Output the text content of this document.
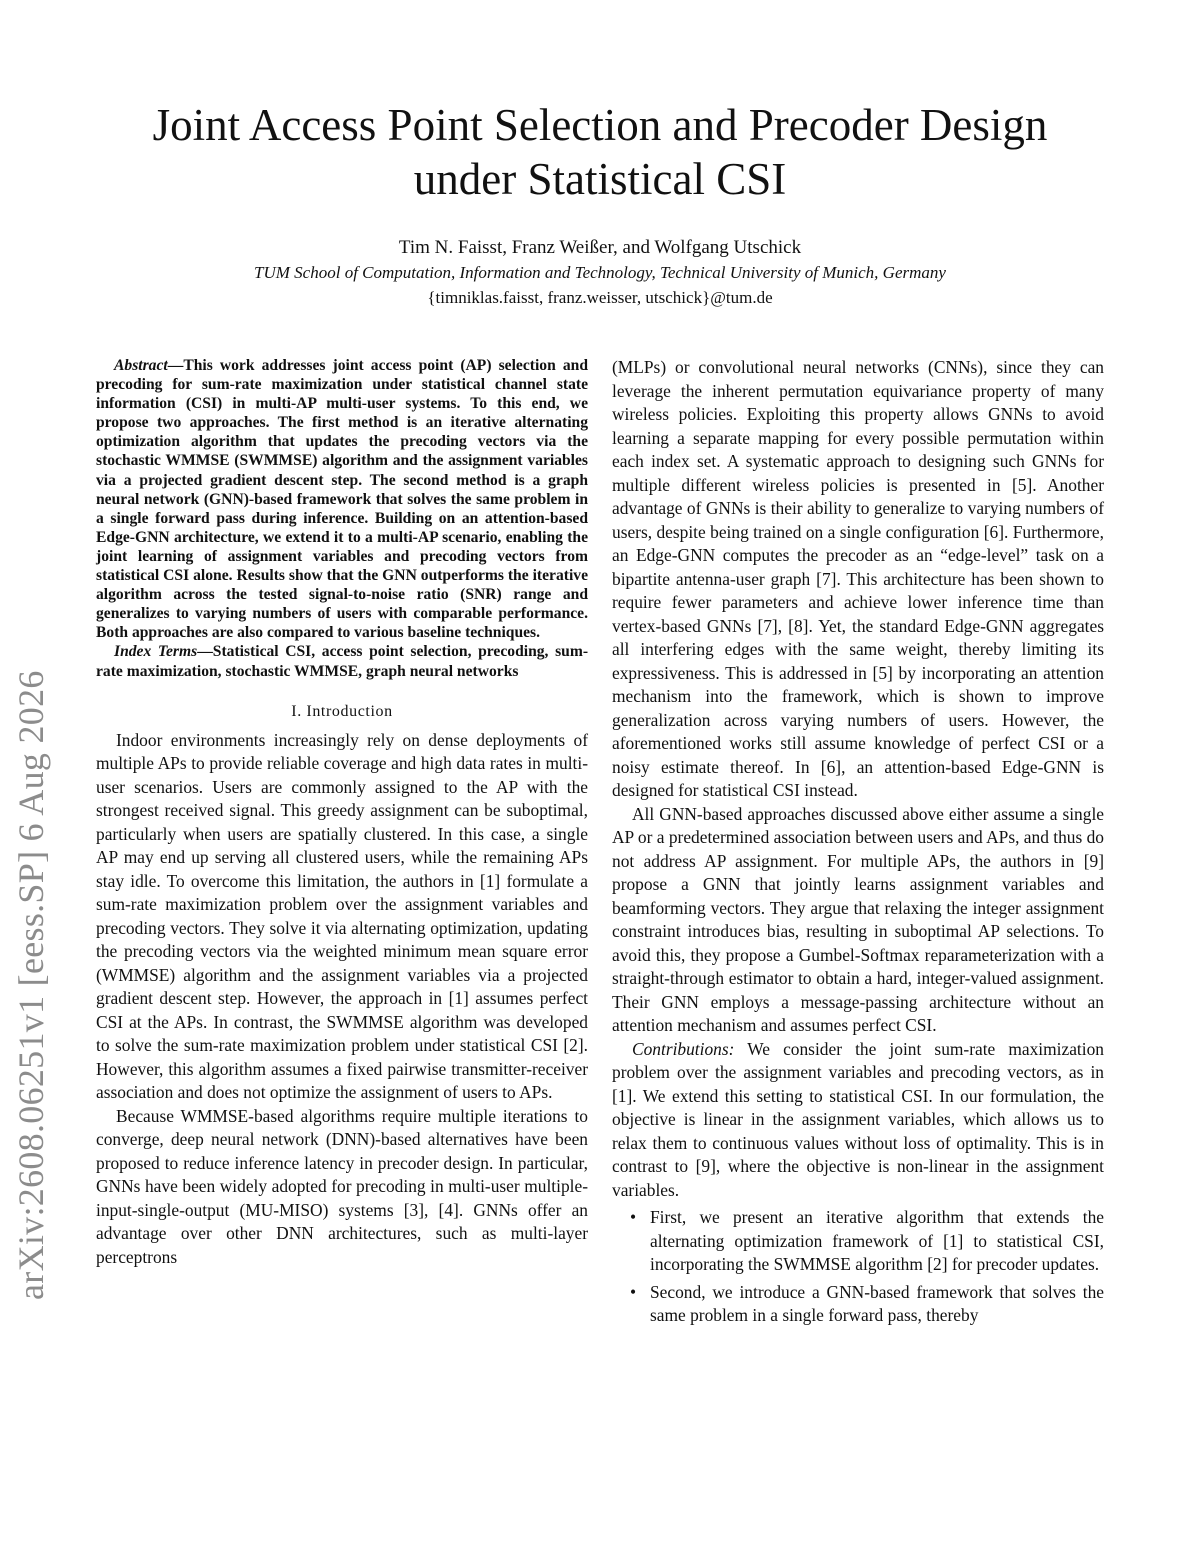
arXiv:2608.06251v1 [eess.SP] 6 Aug 2026
Joint Access Point Selection and Precoder Design
under Statistical CSI
Tim N. Faisst, Franz Weißer, and Wolfgang Utschick
TUM School of Computation, Information and Technology, Technical University of Munich, Germany
{timniklas.faisst, franz.weisser, utschick}@tum.de

Abstract—This work addresses joint access point (AP) selection and precoding for sum-rate maximization under statistical channel state information (CSI) in multi-AP multi-user systems. To this end, we propose two approaches. The first method is an iterative alternating optimization algorithm that updates the precoding vectors via the stochastic WMMSE (SWMMSE) algorithm and the assignment variables via a projected gradient descent step. The second method is a graph neural network (GNN)-based framework that solves the same problem in a single forward pass during inference. Building on an attention-based Edge-GNN architecture, we extend it to a multi-AP scenario, enabling the joint learning of assignment variables and precoding vectors from statistical CSI alone. Results show that the GNN outperforms the iterative algorithm across the tested signal-to-noise ratio (SNR) range and generalizes to varying numbers of users with comparable performance. Both approaches are also compared to various baseline techniques.

Index Terms—Statistical CSI, access point selection, precoding, sum-rate maximization, stochastic WMMSE, graph neural networks

I. Introduction

Indoor environments increasingly rely on dense deployments of multiple APs to provide reliable coverage and high data rates in multi-user scenarios. Users are commonly assigned to the AP with the strongest received signal. This greedy assignment can be suboptimal, particularly when users are spatially clustered. In this case, a single AP may end up serving all clustered users, while the remaining APs stay idle. To overcome this limitation, the authors in [1] formulate a sum-rate maximization problem over the assignment variables and precoding vectors. They solve it via alternating optimization, updating the precoding vectors via the weighted minimum mean square error (WMMSE) algorithm and the assignment variables via a projected gradient descent step. However, the approach in [1] assumes perfect CSI at the APs. In contrast, the SWMMSE algorithm was developed to solve the sum-rate maximization problem under statistical CSI [2]. However, this algorithm assumes a fixed pairwise transmitter-receiver association and does not optimize the assignment of users to APs.

Because WMMSE-based algorithms require multiple iterations to converge, deep neural network (DNN)-based alternatives have been proposed to reduce inference latency in precoder design. In particular, GNNs have been widely adopted for precoding in multi-user multiple-input-single-output (MU-MISO) systems [3], [4]. GNNs offer an advantage over other DNN architectures, such as multi-layer perceptrons

(MLPs) or convolutional neural networks (CNNs), since they can leverage the inherent permutation equivariance property of many wireless policies. Exploiting this property allows GNNs to avoid learning a separate mapping for every possible permutation within each index set. A systematic approach to designing such GNNs for multiple different wireless policies is presented in [5]. Another advantage of GNNs is their ability to generalize to varying numbers of users, despite being trained on a single configuration [6]. Furthermore, an Edge-GNN computes the precoder as an “edge-level” task on a bipartite antenna-user graph [7]. This architecture has been shown to require fewer parameters and achieve lower inference time than vertex-based GNNs [7], [8]. Yet, the standard Edge-GNN aggregates all interfering edges with the same weight, thereby limiting its expressiveness. This is addressed in [5] by incorporating an attention mechanism into the framework, which is shown to improve generalization across varying numbers of users. However, the aforementioned works still assume knowledge of perfect CSI or a noisy estimate thereof. In [6], an attention-based Edge-GNN is designed for statistical CSI instead.

All GNN-based approaches discussed above either assume a single AP or a predetermined association between users and APs, and thus do not address AP assignment. For multiple APs, the authors in [9] propose a GNN that jointly learns assignment variables and beamforming vectors. They argue that relaxing the integer assignment constraint introduces bias, resulting in suboptimal AP selections. To avoid this, they propose a Gumbel-Softmax reparameterization with a straight-through estimator to obtain a hard, integer-valued assignment. Their GNN employs a message-passing architecture without an attention mechanism and assumes perfect CSI.

Contributions: We consider the joint sum-rate maximization problem over the assignment variables and precoding vectors, as in [1]. We extend this setting to statistical CSI. In our formulation, the objective is linear in the assignment variables, which allows us to relax them to continuous values without loss of optimality. This is in contrast to [9], where the objective is non-linear in the assignment variables.

• First, we present an iterative algorithm that extends the alternating optimization framework of [1] to statistical CSI, incorporating the SWMMSE algorithm [2] for precoder updates.
• Second, we introduce a GNN-based framework that solves the same problem in a single forward pass, thereby
